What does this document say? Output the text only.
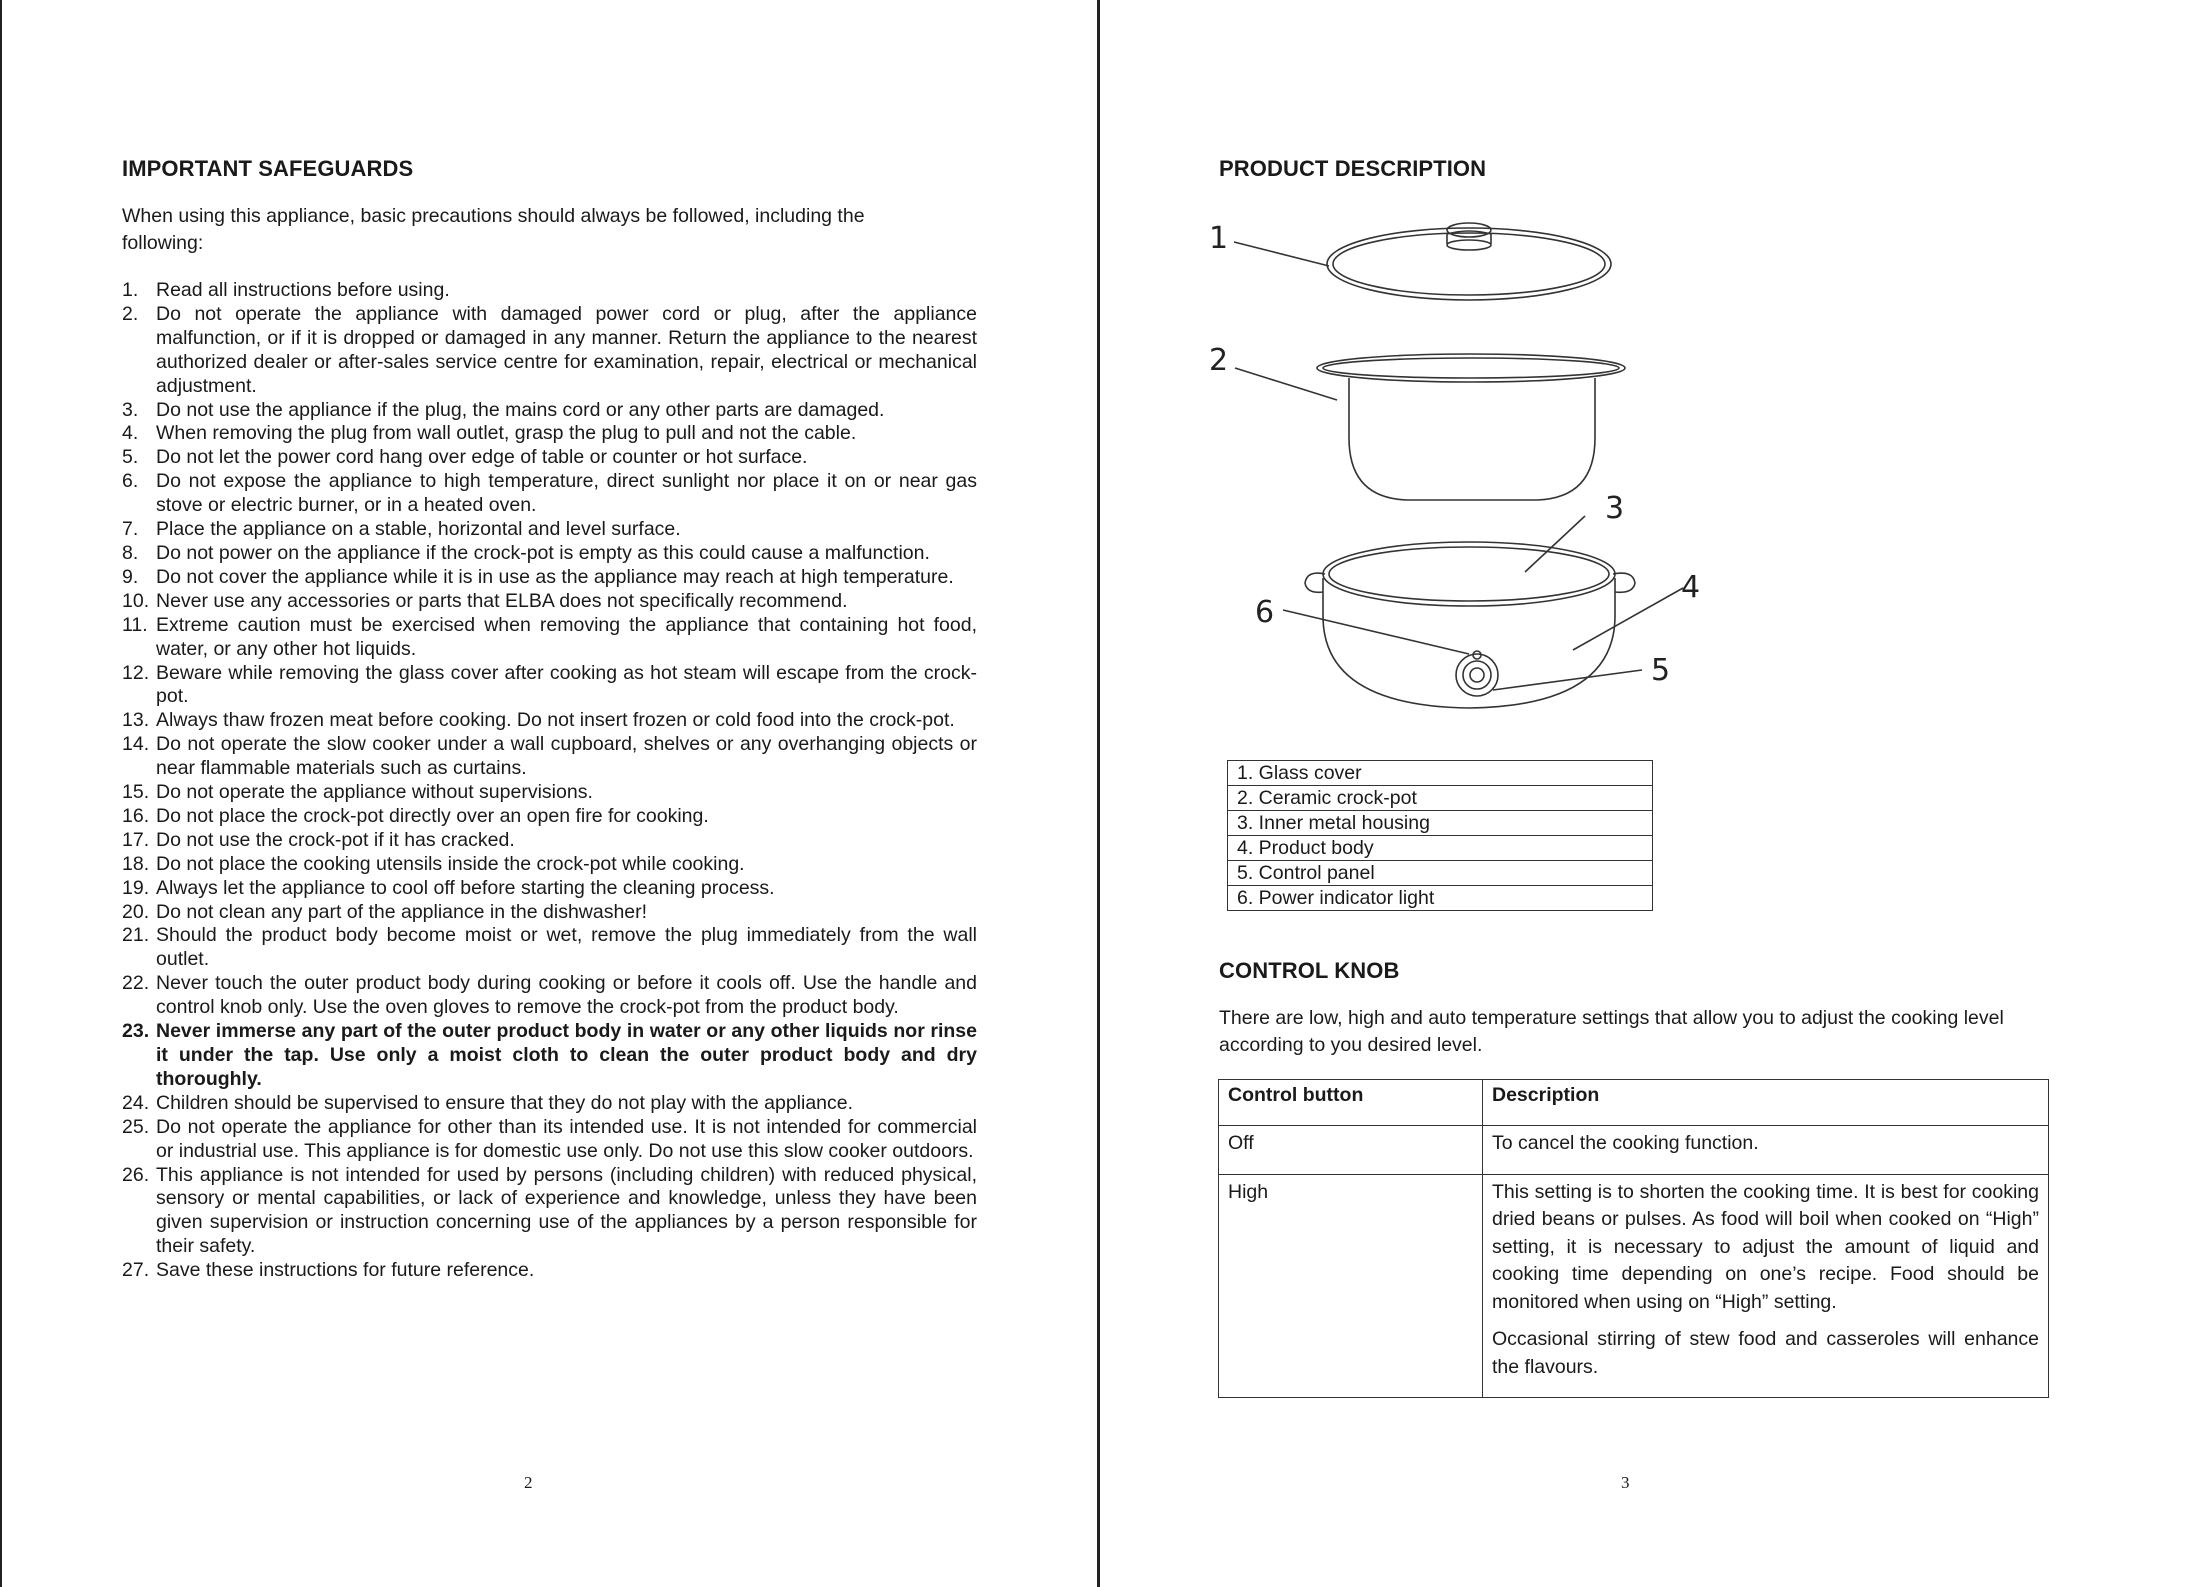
IMPORTANT SAFEGUARDS
When using this appliance, basic precautions should always be followed, including the following:
1. Read all instructions before using.
2. Do not operate the appliance with damaged power cord or plug, after the appliance malfunction, or if it is dropped or damaged in any manner. Return the appliance to the nearest authorized dealer or after-sales service centre for examination, repair, electrical or mechanical adjustment.
3. Do not use the appliance if the plug, the mains cord or any other parts are damaged.
4. When removing the plug from wall outlet, grasp the plug to pull and not the cable.
5. Do not let the power cord hang over edge of table or counter or hot surface.
6. Do not expose the appliance to high temperature, direct sunlight nor place it on or near gas stove or electric burner, or in a heated oven.
7. Place the appliance on a stable, horizontal and level surface.
8. Do not power on the appliance if the crock-pot is empty as this could cause a malfunction.
9. Do not cover the appliance while it is in use as the appliance may reach at high temperature.
10. Never use any accessories or parts that ELBA does not specifically recommend.
11. Extreme caution must be exercised when removing the appliance that containing hot food, water, or any other hot liquids.
12. Beware while removing the glass cover after cooking as hot steam will escape from the crock-pot.
13. Always thaw frozen meat before cooking. Do not insert frozen or cold food into the crock-pot.
14. Do not operate the slow cooker under a wall cupboard, shelves or any overhanging objects or near flammable materials such as curtains.
15. Do not operate the appliance without supervisions.
16. Do not place the crock-pot directly over an open fire for cooking.
17. Do not use the crock-pot if it has cracked.
18. Do not place the cooking utensils inside the crock-pot while cooking.
19. Always let the appliance to cool off before starting the cleaning process.
20. Do not clean any part of the appliance in the dishwasher!
21. Should the product body become moist or wet, remove the plug immediately from the wall outlet.
22. Never touch the outer product body during cooking or before it cools off. Use the handle and control knob only. Use the oven gloves to remove the crock-pot from the product body.
23. Never immerse any part of the outer product body in water or any other liquids nor rinse it under the tap. Use only a moist cloth to clean the outer product body and dry thoroughly.
24. Children should be supervised to ensure that they do not play with the appliance.
25. Do not operate the appliance for other than its intended use. It is not intended for commercial or industrial use. This appliance is for domestic use only. Do not use this slow cooker outdoors.
26. This appliance is not intended for used by persons (including children) with reduced physical, sensory or mental capabilities, or lack of experience and knowledge, unless they have been given supervision or instruction concerning use of the appliances by a person responsible for their safety.
27. Save these instructions for future reference.
2
PRODUCT DESCRIPTION
1
2
3
4
5
6
1. Glass cover
2. Ceramic crock-pot
3. Inner metal housing
4. Product body
5. Control panel
6. Power indicator light
CONTROL KNOB
There are low, high and auto temperature settings that allow you to adjust the cooking level according to you desired level.
Control button	Description
Off	To cancel the cooking function.

High	This setting is to shorten the cooking time. It is best for cooking dried beans or pulses. As food will boil when cooked on “High” setting, it is necessary to adjust the amount of liquid and cooking time depending on one’s recipe. Food should be monitored when using on “High” setting.

Occasional stirring of stew food and casseroles will enhance the flavours.

3
